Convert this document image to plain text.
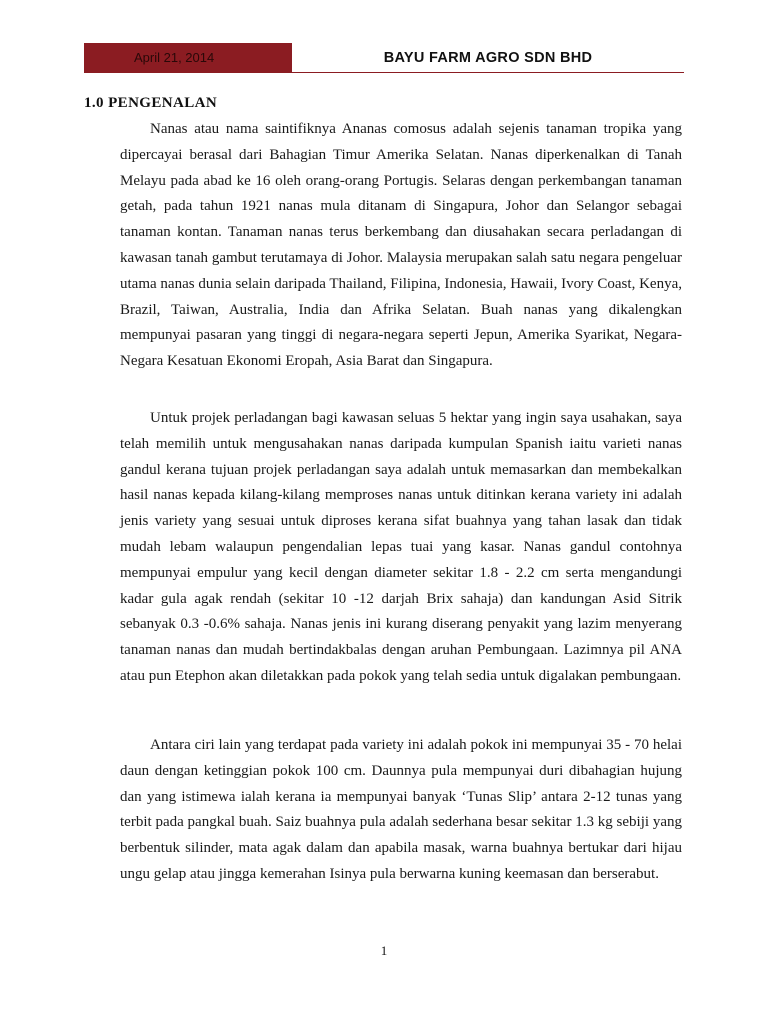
April 21, 2014	BAYU FARM AGRO SDN BHD
1.0 PENGENALAN

Nanas atau nama saintifiknya Ananas comosus adalah sejenis tanaman tropika yang dipercayai berasal dari Bahagian Timur Amerika Selatan. Nanas diperkenalkan di Tanah Melayu pada abad ke 16 oleh orang-orang Portugis. Selaras dengan perkembangan tanaman getah, pada tahun 1921 nanas mula ditanam di Singapura, Johor dan Selangor sebagai tanaman kontan. Tanaman nanas terus berkembang dan diusahakan secara perladangan di kawasan tanah gambut terutamaya di Johor. Malaysia merupakan salah satu negara pengeluar utama nanas dunia selain daripada Thailand, Filipina, Indonesia, Hawaii, Ivory Coast, Kenya, Brazil, Taiwan, Australia, India dan Afrika Selatan. Buah nanas yang dikalengkan mempunyai pasaran yang tinggi di negara-negara seperti Jepun, Amerika Syarikat, Negara-Negara Kesatuan Ekonomi Eropah, Asia Barat dan Singapura.

Untuk projek perladangan bagi kawasan seluas 5 hektar yang ingin saya usahakan, saya telah memilih untuk mengusahakan nanas daripada kumpulan Spanish iaitu varieti nanas gandul kerana tujuan projek perladangan saya adalah untuk memasarkan dan membekalkan hasil nanas kepada kilang-kilang memproses nanas untuk ditinkan kerana variety ini adalah jenis variety yang sesuai untuk diproses kerana sifat buahnya yang tahan lasak dan tidak mudah lebam walaupun pengendalian lepas tuai yang kasar. Nanas gandul contohnya mempunyai empulur yang kecil dengan diameter sekitar 1.8 - 2.2 cm serta mengandungi kadar gula agak rendah (sekitar 10 -12 darjah Brix sahaja) dan kandungan Asid Sitrik sebanyak 0.3 -0.6% sahaja. Nanas jenis ini kurang diserang penyakit yang lazim menyerang tanaman nanas dan mudah bertindakbalas dengan aruhan Pembungaan. Lazimnya pil ANA atau pun Etephon akan diletakkan pada pokok yang telah sedia untuk digalakan pembungaan.

Antara ciri lain yang terdapat pada variety ini adalah pokok ini mempunyai 35 - 70 helai daun dengan ketinggian pokok 100 cm. Daunnya pula mempunyai duri dibahagian hujung dan yang istimewa ialah kerana ia mempunyai banyak ‘Tunas Slip’ antara 2-12 tunas yang terbit pada pangkal buah. Saiz buahnya pula adalah sederhana besar sekitar 1.3 kg sebiji yang berbentuk silinder, mata agak dalam dan apabila masak, warna buahnya bertukar dari hijau ungu gelap atau jingga kemerahan Isinya pula berwarna kuning keemasan dan berserabut.

1
